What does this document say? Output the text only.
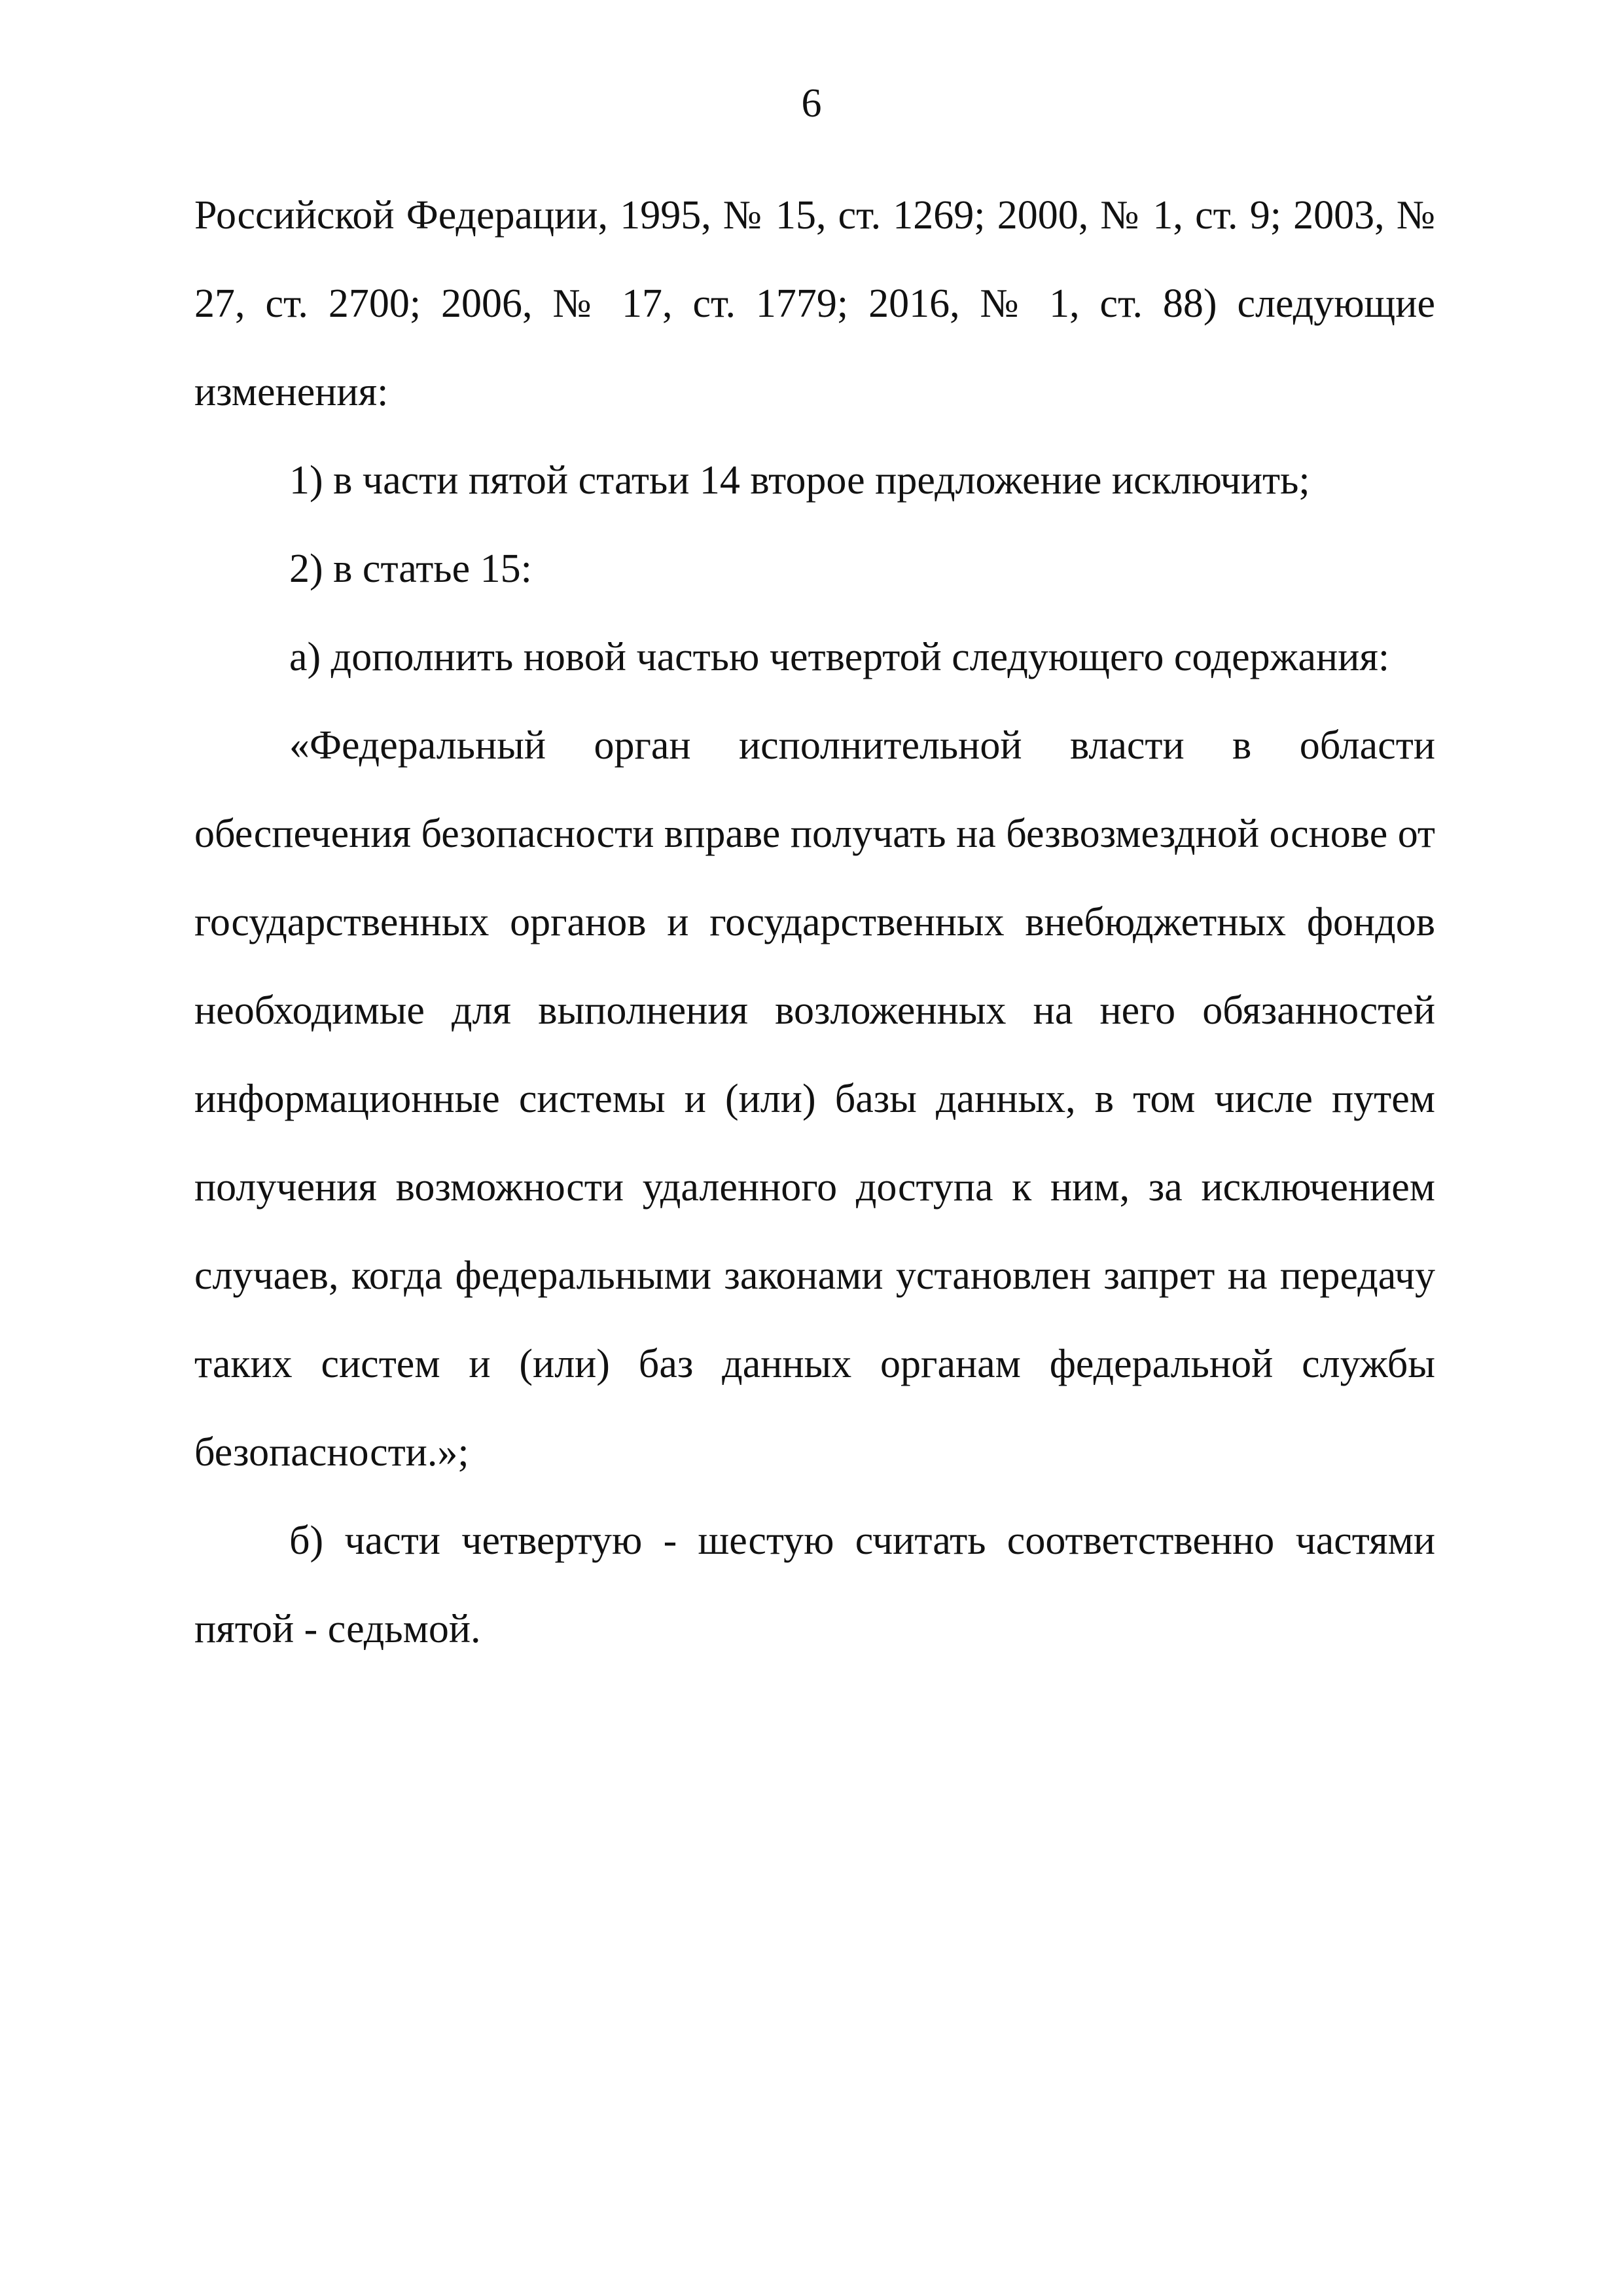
6

Российской Федерации, 1995, № 15, ст. 1269; 2000, № 1, ст. 9; 2003, № 27, ст. 2700; 2006, № 17, ст. 1779; 2016, № 1, ст. 88) следующие изменения:

1) в части пятой статьи 14 второе предложение исключить;

2) в статье 15:

а) дополнить новой частью четвертой следующего содержания:

«Федеральный орган исполнительной власти в области обеспечения безопасности вправе получать на безвозмездной основе от государственных органов и государственных внебюджетных фондов необходимые для выполнения возложенных на него обязанностей информационные системы и (или) базы данных, в том числе путем получения возможности удаленного доступа к ним, за исключением случаев, когда федеральными законами установлен запрет на передачу таких систем и (или) баз данных органам федеральной службы безопасности.»;

б) части четвертую - шестую считать соответственно частями пятой - седьмой.
